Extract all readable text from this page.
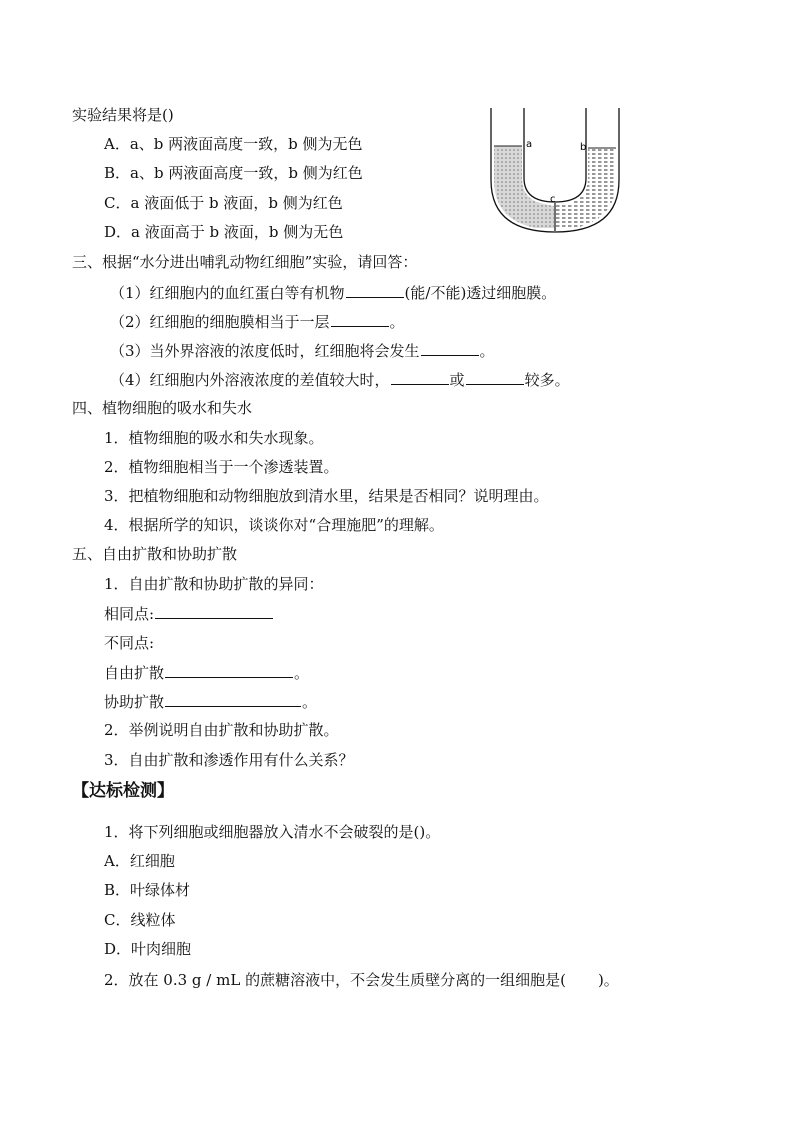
实验结果将是()
A．a、b 两液面高度一致，b 侧为无色
B．a、b 两液面高度一致，b 侧为红色
C．a 液面低于 b 液面，b 侧为红色
D．a 液面高于 b 液面，b 侧为无色
a	b
c
三、根据“水分进出哺乳动物红细胞”实验，请回答：
（1）红细胞内的血红蛋白等有机物	(能/不能)透过细胞膜。
（2）红细胞的细胞膜相当于一层	。
（3）当外界溶液的浓度低时，红细胞将会发生	。
（4）红细胞内外溶液浓度的差值较大时，	或	较多。
四、植物细胞的吸水和失水
1．植物细胞的吸水和失水现象。
2．植物细胞相当于一个渗透装置。
3．把植物细胞和动物细胞放到清水里，结果是否相同？说明理由。
4．根据所学的知识，谈谈你对“合理施肥”的理解。
五、自由扩散和协助扩散
1．自由扩散和协助扩散的异同：
相同点:
不同点:
自由扩散	。
协助扩散	。
2．举例说明自由扩散和协助扩散。
3．自由扩散和渗透作用有什么关系？
【达标检测】
1．将下列细胞或细胞器放入清水不会破裂的是()。
A．红细胞
B．叶绿体材
C．线粒体
D．叶肉细胞
2．放在 0.3 g / mL 的蔗糖溶液中，不会发生质壁分离的一组细胞是( )。
